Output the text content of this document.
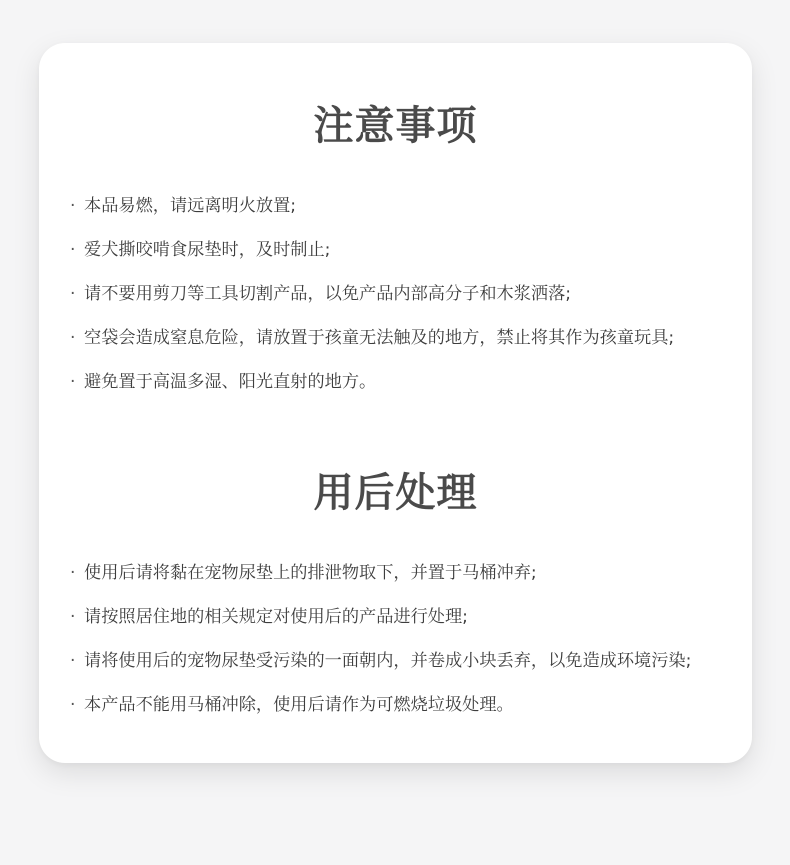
注意事项
· 本品易燃，请远离明火放置;
· 爱犬撕咬啃食尿垫时，及时制止;
· 请不要用剪刀等工具切割产品，以免产品内部高分子和木浆洒落;
· 空袋会造成窒息危险，请放置于孩童无法触及的地方，禁止将其作为孩童玩具;
· 避免置于高温多湿、阳光直射的地方。
用后处理
· 使用后请将黏在宠物尿垫上的排泄物取下，并置于马桶冲弃;
· 请按照居住地的相关规定对使用后的产品进行处理;
· 请将使用后的宠物尿垫受污染的一面朝内，并卷成小块丢弃，以免造成环境污染;
· 本产品不能用马桶冲除，使用后请作为可燃烧垃圾处理。
